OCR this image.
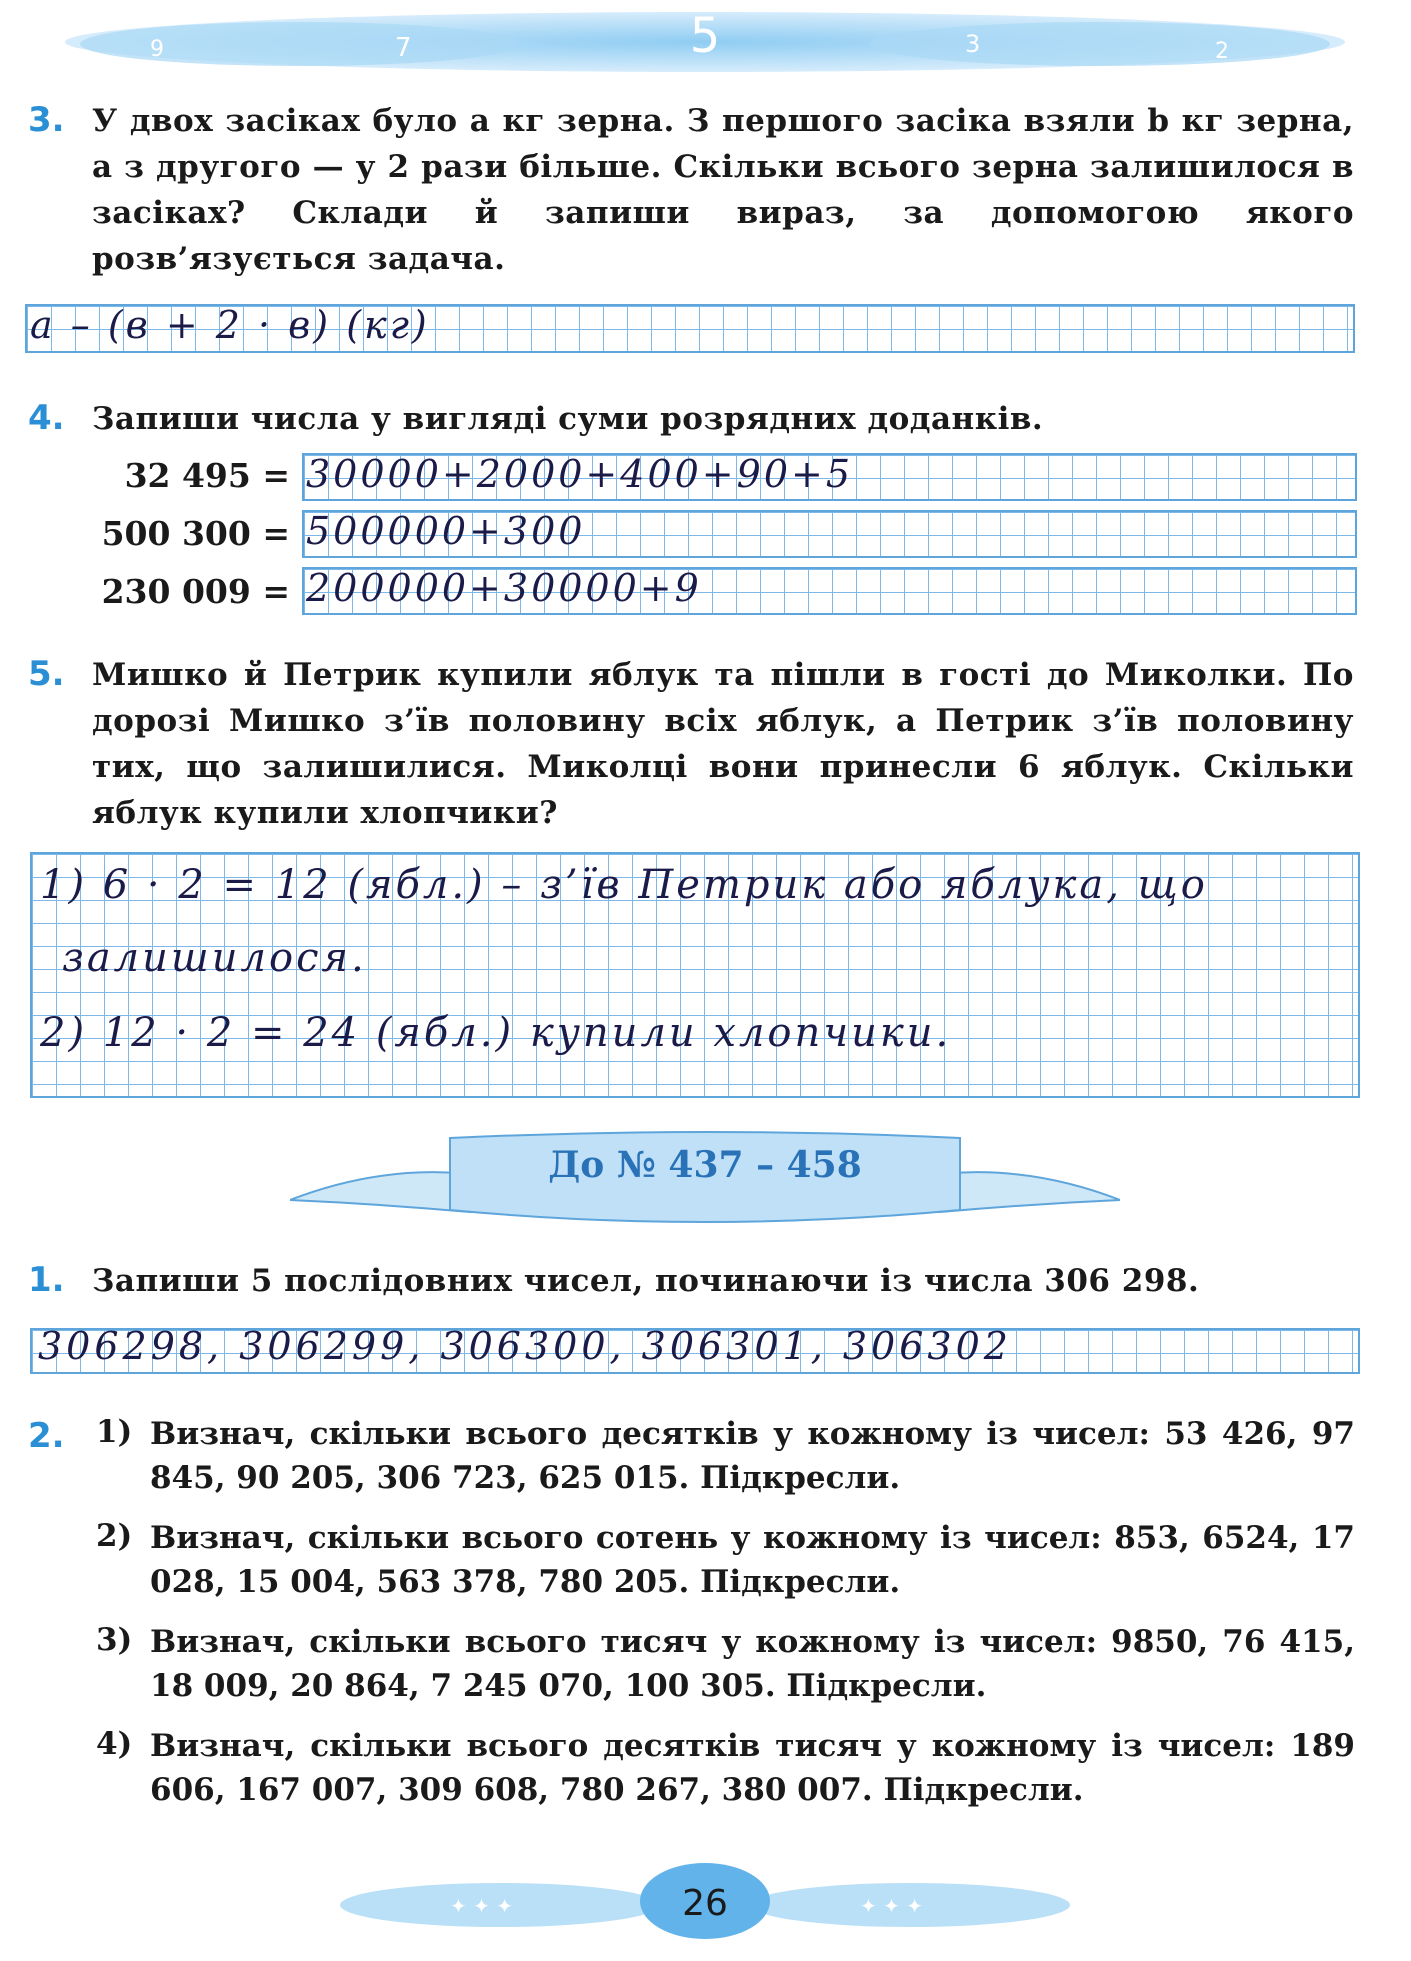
9	7	3	2
5
3. У двох засіках було a кг зерна. З першого засіка взяли b кг зерна, а з другого — у 2 рази більше. Скільки всього зерна залишилося в засіках? Склади й запиши вираз, за допомогою якого розв’язується задача.
а – (в + 2 · в) (кг)
4. Запиши числа у вигляді суми розрядних доданків.
32 495 = 30000+2000+400+90+5
500 300 = 500000+300
230 009 = 200000+30000+9
5. Мишко й Петрик купили яблук та пішли в гості до Миколки. По дорозі Мишко з’їв половину всіх яблук, а Петрик з’їв половину тих, що залишилися. Миколці вони принесли 6 яблук. Скільки яблук купили хлопчики?
1) 6 · 2 = 12 (ябл.) – з’їв Петрик або яблука, що
залишилося.
2) 12 · 2 = 24 (ябл.) купили хлопчики.
До № 437 – 458
1. Запиши 5 послідовних чисел, починаючи із числа 306 298.
306298, 306299, 306300, 306301, 306302
2. 1) Визнач, скільки всього десятків у кожному із чисел: 53 426, 97 845, 90 205, 306 723, 625 015. Підкресли.
2) Визнач, скільки всього сотень у кожному із чисел: 853, 6524, 17 028, 15 004, 563 378, 780 205. Підкресли.
3) Визнач, скільки всього тисяч у кожному із чисел: 9850, 76 415, 18 009, 20 864, 7 245 070, 100 305. Підкресли.
4) Визнач, скільки всього десятків тисяч у кожному із чисел: 189 606, 167 007, 309 608, 780 267, 380 007. Підкресли.
✦ ✦ ✦	✦ ✦ ✦
26
